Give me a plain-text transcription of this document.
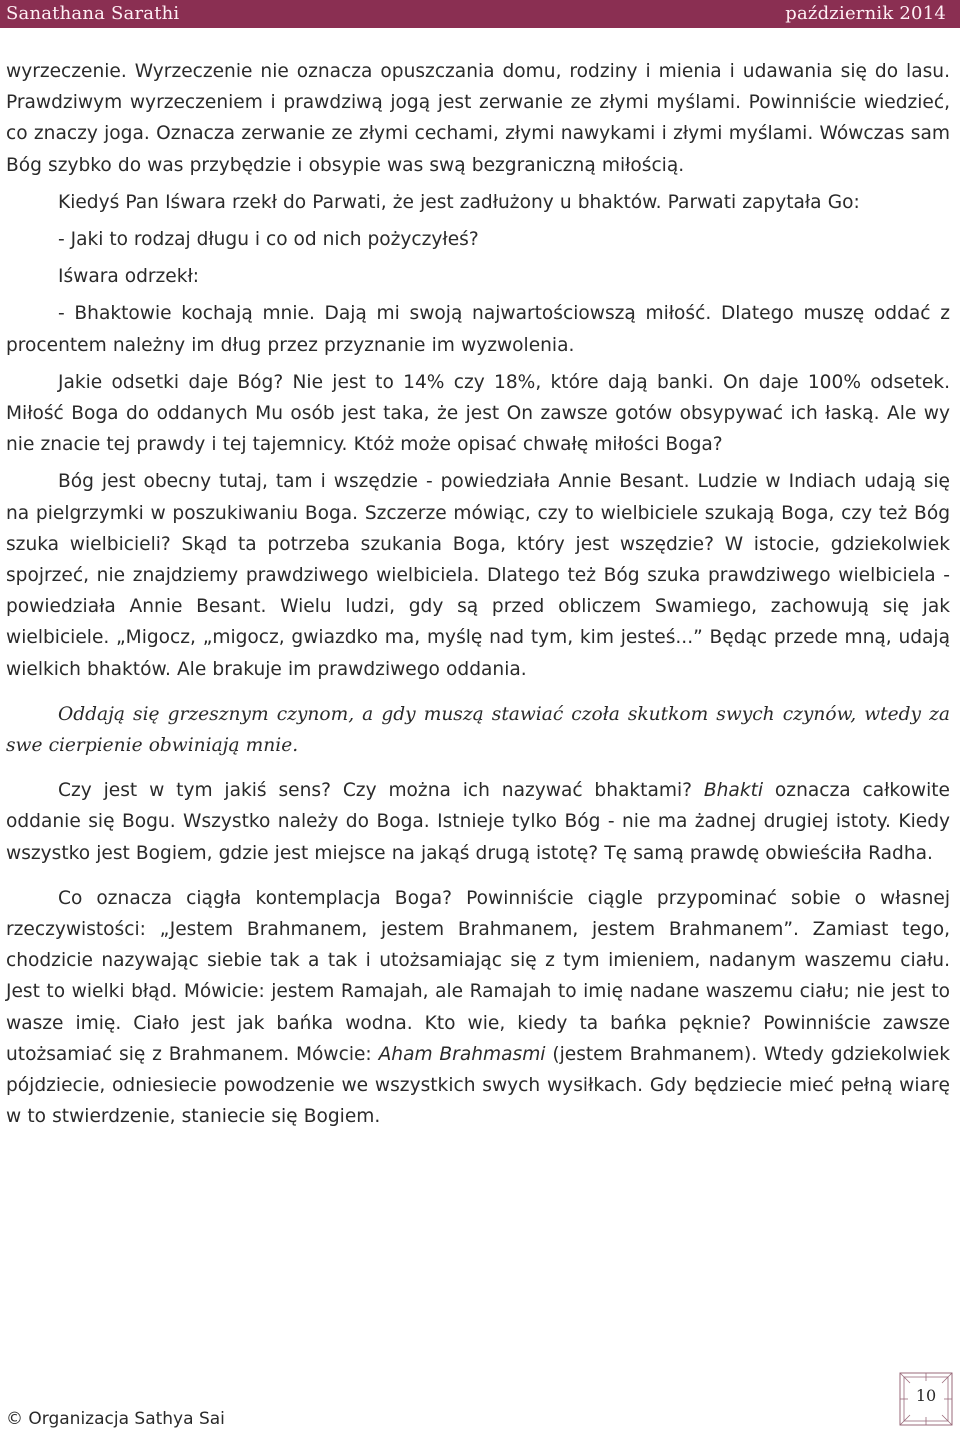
Sanathana Sarathi	październik 2014

wyrzeczenie. Wyrzeczenie nie oznacza opuszczania domu, rodziny i mienia i udawania się do lasu. Prawdziwym wyrzeczeniem i prawdziwą jogą jest zerwanie ze złymi myślami. Powinniście wiedzieć, co znaczy joga. Oznacza zerwanie ze złymi cechami, złymi nawykami i złymi myślami. Wówczas sam Bóg szybko do was przybędzie i obsypie was swą bezgraniczną miłością.

Kiedyś Pan Iśwara rzekł do Parwati, że jest zadłużony u bhaktów. Parwati zapytała Go:

- Jaki to rodzaj długu i co od nich pożyczyłeś?

Iśwara odrzekł:

- Bhaktowie kochają mnie. Dają mi swoją najwartościowszą miłość. Dlatego muszę oddać z procentem należny im dług przez przyznanie im wyzwolenia.

Jakie odsetki daje Bóg? Nie jest to 14% czy 18%, które dają banki. On daje 100% odsetek. Miłość Boga do oddanych Mu osób jest taka, że jest On zawsze gotów obsypywać ich łaską. Ale wy nie znacie tej prawdy i tej tajemnicy. Któż może opisać chwałę miłości Boga?

Bóg jest obecny tutaj, tam i wszędzie - powiedziała Annie Besant. Ludzie w Indiach udają się na pielgrzymki w poszukiwaniu Boga. Szczerze mówiąc, czy to wielbiciele szukają Boga, czy też Bóg szuka wielbicieli? Skąd ta potrzeba szukania Boga, który jest wszędzie? W istocie, gdziekolwiek spojrzeć, nie znajdziemy prawdziwego wielbiciela. Dlatego też Bóg szuka prawdziwego wielbiciela - powiedziała Annie Besant. Wielu ludzi, gdy są przed obliczem Swamiego, zachowują się jak wielbiciele. „Migocz, „migocz, gwiazdko ma, myślę nad tym, kim jesteś...” Będąc przede mną, udają wielkich bhaktów. Ale brakuje im prawdziwego oddania.

Oddają się grzesznym czynom, a gdy muszą stawiać czoła skutkom swych czynów, wtedy za swe cierpienie obwiniają mnie.

Czy jest w tym jakiś sens? Czy można ich nazywać bhaktami? Bhakti oznacza całkowite oddanie się Bogu. Wszystko należy do Boga. Istnieje tylko Bóg - nie ma żadnej drugiej istoty. Kiedy wszystko jest Bogiem, gdzie jest miejsce na jakąś drugą istotę? Tę samą prawdę obwieściła Radha.

Co oznacza ciągła kontemplacja Boga? Powinniście ciągle przypominać sobie o własnej rzeczywistości: „Jestem Brahmanem, jestem Brahmanem, jestem Brahmanem”. Zamiast tego, chodzicie nazywając siebie tak a tak i utożsamiając się z tym imieniem, nadanym waszemu ciału. Jest to wielki błąd. Mówicie: jestem Ramajah, ale Ramajah to imię nadane waszemu ciału; nie jest to wasze imię. Ciało jest jak bańka wodna. Kto wie, kiedy ta bańka pęknie? Powinniście zawsze utożsamiać się z Brahmanem. Mówcie: Aham Brahmasmi (jestem Brahmanem). Wtedy gdziekolwiek pójdziecie, odniesiecie powodzenie we wszystkich swych wysiłkach. Gdy będziecie mieć pełną wiarę w to stwierdzenie, staniecie się Bogiem.

© Organizacja Sathya Sai
10
